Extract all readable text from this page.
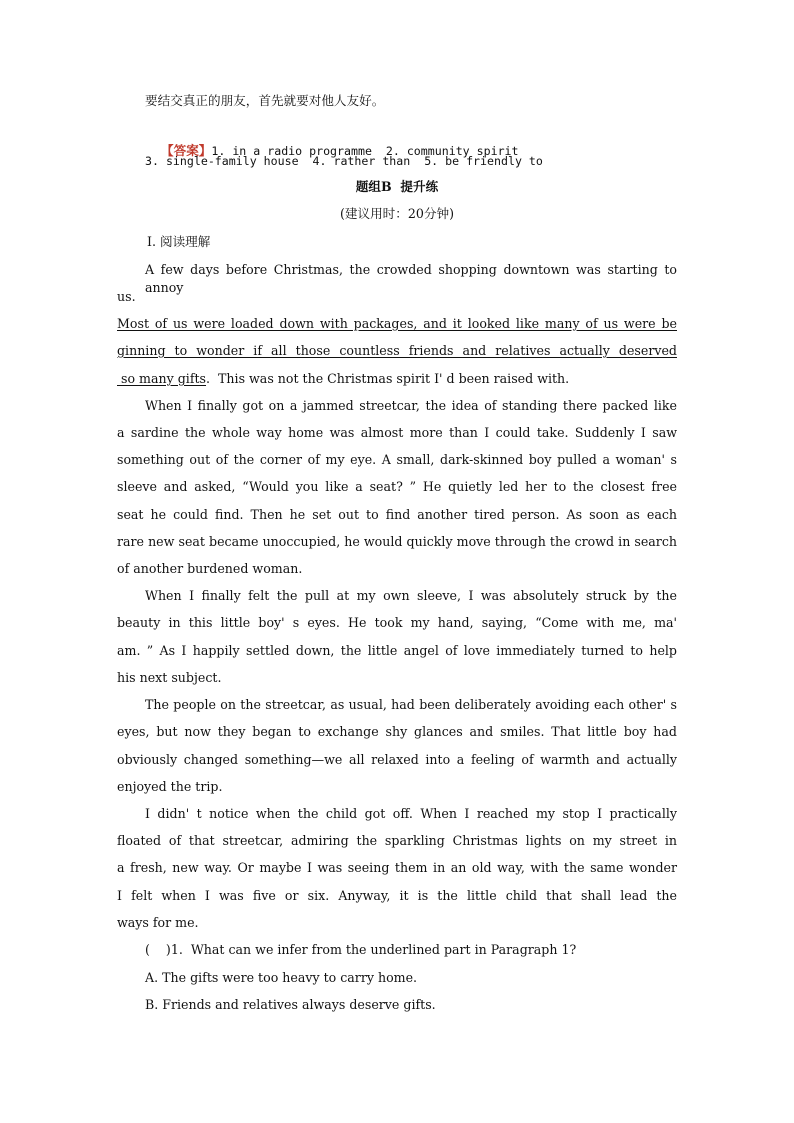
要结交真正的朋友，首先就要对他人友好。

【答案】1. in a radio programme  2. community spirit

3. single-family house  4. rather than  5. be friendly to
题组B  提升练
(建议用时：20分钟)
Ⅰ. 阅读理解
A few days before Christmas, the crowded shopping downtown was starting to annoy
us.
Most of us were loaded down with packages, and it looked like many of us were be
ginning to wonder if all those countless friends and relatives actually deserved
so many gifts.  This was not the Christmas spirit I' d been raised with.
When I finally got on a jammed streetcar, the idea of standing there packed like
a sardine the whole way home was almost more than I could take. Suddenly I saw
something out of the corner of my eye. A small, dark-skinned boy pulled a woman' s
sleeve and asked, “Would you like a seat? ” He quietly led her to the closest free
seat he could find. Then he set out to find another tired person. As soon as each
rare new seat became unoccupied, he would quickly move through the crowd in search
of another burdened woman.
When I finally felt the pull at my own sleeve, I was absolutely struck by the
beauty in this little boy' s eyes. He took my hand, saying, “Come with me, ma'
am. ” As I happily settled down, the little angel of love immediately turned to help
his next subject.
The people on the streetcar, as usual, had been deliberately avoiding each other' s
eyes, but now they began to exchange shy glances and smiles. That little boy had
obviously changed something—we all relaxed into a feeling of warmth and actually
enjoyed the trip.
I didn' t notice when the child got off. When I reached my stop I practically
floated of that streetcar, admiring the sparkling Christmas lights on my street in
a fresh, new way. Or maybe I was seeing them in an old way, with the same wonder
I felt when I was five or six. Anyway, it is the little child that shall lead the
ways for me.
(    )1.  What can we infer from the underlined part in Paragraph 1?
A. The gifts were too heavy to carry home.
B. Friends and relatives always deserve gifts.
